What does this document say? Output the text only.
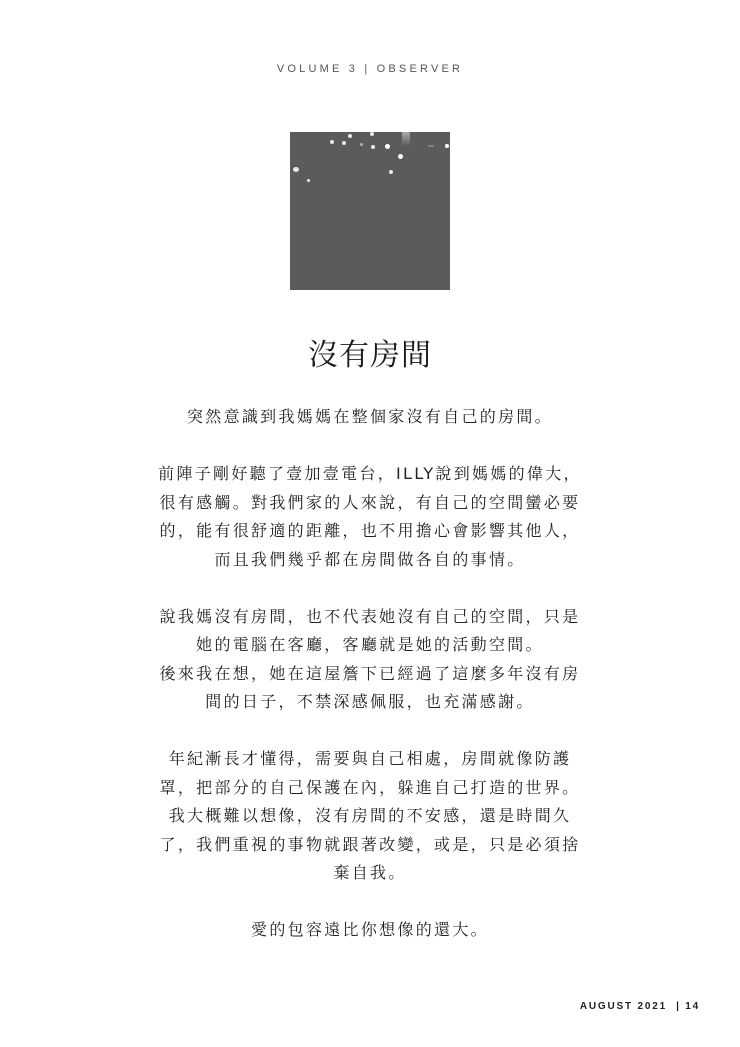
VOLUME 3 | OBSERVER
沒有房間

突然意識到我媽媽在整個家沒有自己的房間。

前陣子剛好聽了壹加壹電台，ILLY說到媽媽的偉大，
很有感觸。對我們家的人來說，有自己的空間蠻必要
的，能有很舒適的距離，也不用擔心會影響其他人，
而且我們幾乎都在房間做各自的事情。

說我媽沒有房間，也不代表她沒有自己的空間，只是
她的電腦在客廳，客廳就是她的活動空間。
後來我在想，她在這屋簷下已經過了這麼多年沒有房
間的日子，不禁深感佩服，也充滿感謝。

年紀漸長才懂得，需要與自己相處，房間就像防護
罩，把部分的自己保護在內，躲進自己打造的世界。
我大概難以想像，沒有房間的不安感，還是時間久
了，我們重視的事物就跟著改變，或是，只是必須捨
棄自我。

愛的包容遠比你想像的還大。

AUGUST 2021  | 14
